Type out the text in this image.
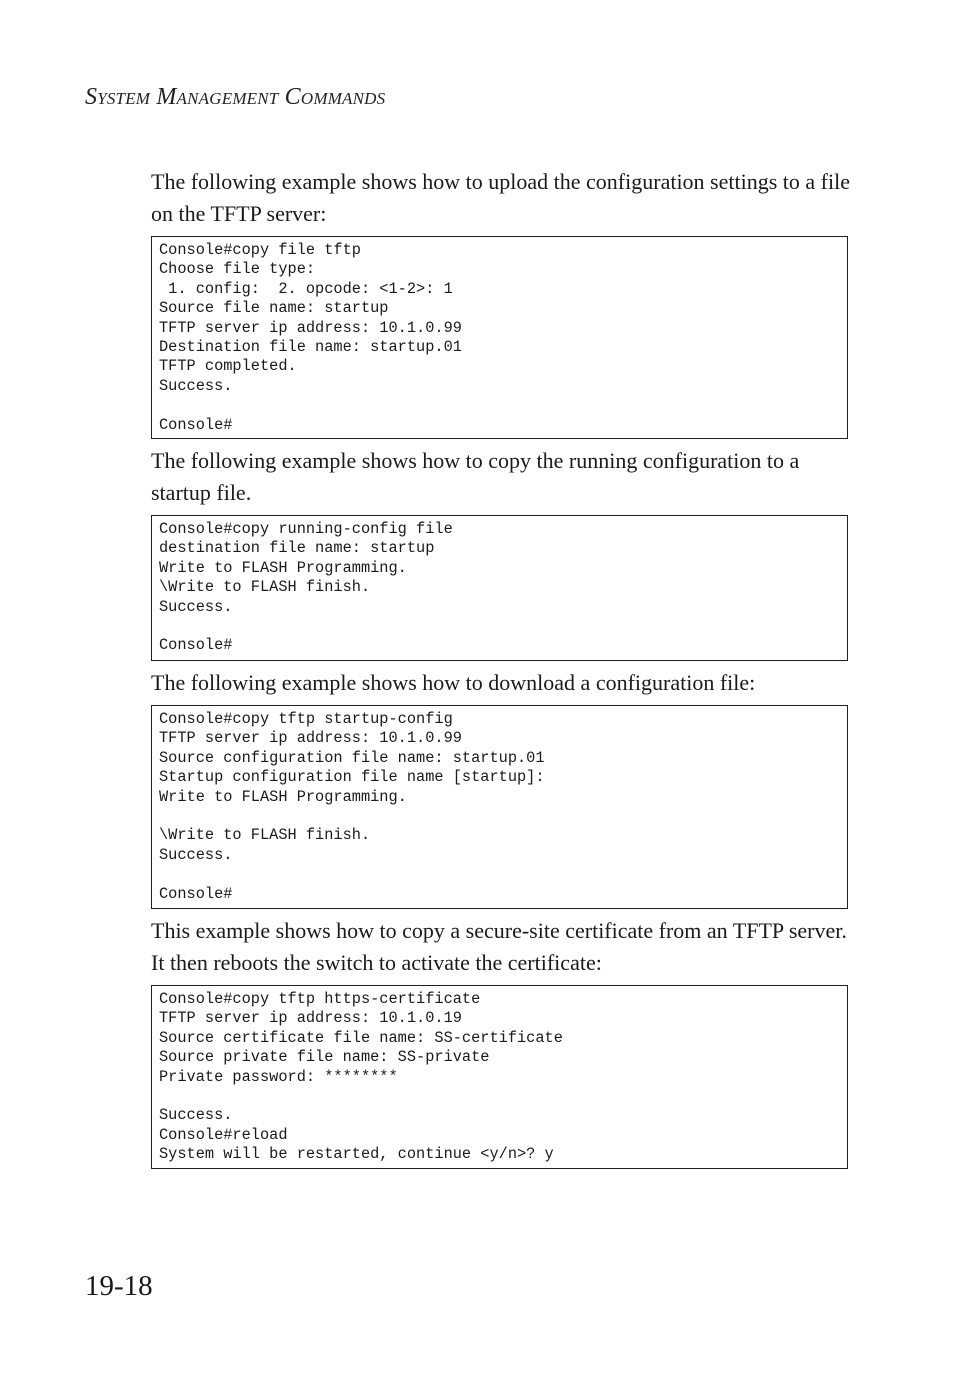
System Management Commands
The following example shows how to upload the configuration settings to a file on the TFTP server:
Console#copy file tftp
Choose file type:
1. config:  2. opcode: <1-2>: 1
Source file name: startup
TFTP server ip address: 10.1.0.99
Destination file name: startup.01
TFTP completed.
Success.
Console#
The following example shows how to copy the running configuration to a startup file.
Console#copy running-config file
destination file name: startup
Write to FLASH Programming.
\Write to FLASH finish.
Success.
Console#
The following example shows how to download a configuration file:
Console#copy tftp startup-config
TFTP server ip address: 10.1.0.99
Source configuration file name: startup.01
Startup configuration file name [startup]:
Write to FLASH Programming.
\Write to FLASH finish.
Success.
Console#
This example shows how to copy a secure-site certificate from an TFTP server. It then reboots the switch to activate the certificate:
Console#copy tftp https-certificate
TFTP server ip address: 10.1.0.19
Source certificate file name: SS-certificate
Source private file name: SS-private
Private password: ********
Success.
Console#reload
System will be restarted, continue <y/n>? y
19-18
